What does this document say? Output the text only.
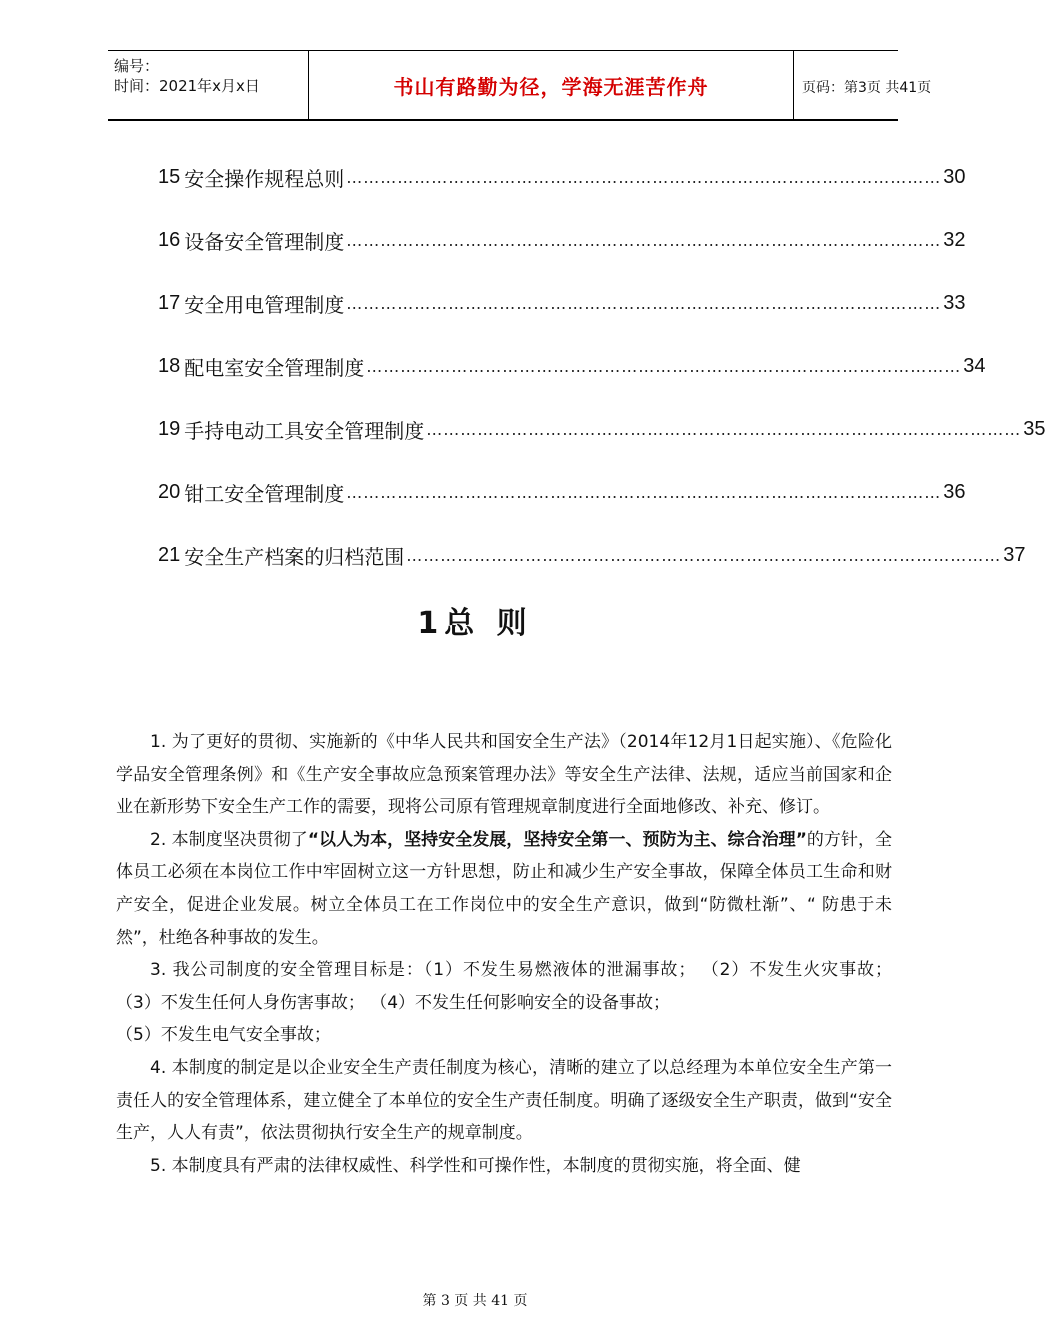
编号：
时间：2021年x月x日	书山有路勤为径，学海无涯苦作舟	页码：第3页 共41页
15 安全操作规程总则 …………………………………………………………………………………………… 30
16 设备安全管理制度 …………………………………………………………………………………………… 32
17 安全用电管理制度 …………………………………………………………………………………………… 33
18 配电室安全管理制度 …………………………………………………………………………………………… 34
19 手持电动工具安全管理制度 …………………………………………………………………………………………… 35
20 钳工安全管理制度 …………………………………………………………………………………………… 36
21 安全生产档案的归档范围 …………………………………………………………………………………………… 37
1总 则

1. 为了更好的贯彻、实施新的《中华人民共和国安全生产法》（2014年12月1日起实施）、《危险化学品安全管理条例》和《生产安全事故应急预案管理办法》等安全生产法律、法规，适应当前国家和企业在新形势下安全生产工作的需要，现将公司原有管理规章制度进行全面地修改、补充、修订。

2. 本制度坚决贯彻了“以人为本，坚持安全发展，坚持安全第一、预防为主、综合治理”的方针，全体员工必须在本岗位工作中牢固树立这一方针思想，防止和减少生产安全事故，保障全体员工生命和财产安全，促进企业发展。树立全体员工在工作岗位中的安全生产意识，做到“防微杜渐”、“ 防患于未然”，杜绝各种事故的发生。

3. 我公司制度的安全管理目标是：（1）不发生易燃液体的泄漏事故； （2）不发生火灾事故； （3）不发生任何人身伤害事故； （4）不发生任何影响安全的设备事故；

（5）不发生电气安全事故；

4. 本制度的制定是以企业安全生产责任制度为核心，清晰的建立了以总经理为本单位安全生产第一责任人的安全管理体系，建立健全了本单位的安全生产责任制度。明确了逐级安全生产职责，做到“安全生产，人人有责”，依法贯彻执行安全生产的规章制度。

5. 本制度具有严肃的法律权威性、科学性和可操作性，本制度的贯彻实施，将全面、健

第 3 页 共 41 页
